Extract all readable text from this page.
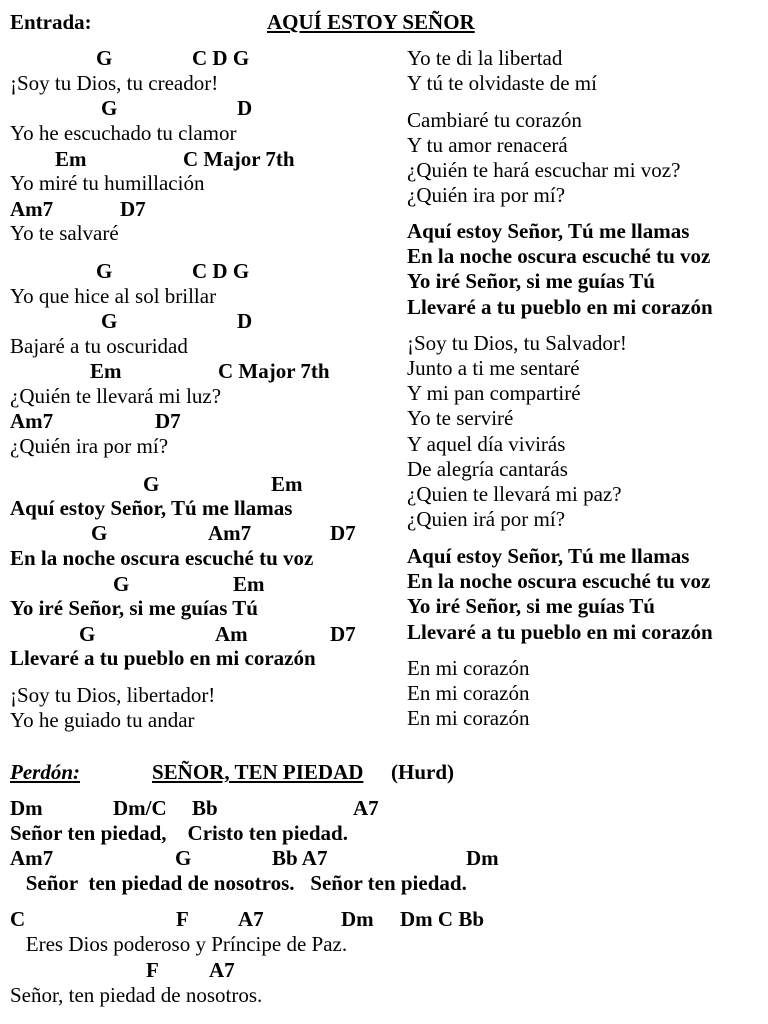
Entrada:	AQUÍ ESTOY SEÑOR
G	C D G
¡Soy tu Dios, tu creador!
G	D
Yo he escuchado tu clamor
Em	C Major 7th
Yo miré tu humillación
Am7	D7
Yo te salvaré
G	C D G
Yo que hice al sol brillar
G	D
Bajaré a tu oscuridad
Em	C Major 7th
¿Quién te llevará mi luz?
Am7	D7
¿Quién ira por mí?
G	Em
Aquí estoy Señor, Tú me llamas
G	Am7	D7
En la noche oscura escuché tu voz
G	Em
Yo iré Señor, si me guías Tú
G	Am	D7
Llevaré a tu pueblo en mi corazón
¡Soy tu Dios, libertador!
Yo he guiado tu andar
Yo te di la libertad
Y tú te olvidaste de mí
Cambiaré tu corazón
Y tu amor renacerá
¿Quién te hará escuchar mi voz?
¿Quién ira por mí?
Aquí estoy Señor, Tú me llamas
En la noche oscura escuché tu voz
Yo iré Señor, si me guías Tú
Llevaré a tu pueblo en mi corazón
¡Soy tu Dios, tu Salvador!
Junto a ti me sentaré
Y mi pan compartiré
Yo te serviré
Y aquel día vivirás
De alegría cantarás
¿Quien te llevará mi paz?
¿Quien irá por mí?
Aquí estoy Señor, Tú me llamas
En la noche oscura escuché tu voz
Yo iré Señor, si me guías Tú
Llevaré a tu pueblo en mi corazón
En mi corazón
En mi corazón
En mi corazón
Perdón:	SEÑOR, TEN PIEDAD (Hurd)
Dm	Dm/C Bb	A7
Señor ten piedad,    Cristo ten piedad.
Am7	G	Bb A7	Dm
Señor  ten piedad de nosotros.   Señor ten piedad.
C	F A7	Dm Dm C Bb
Eres Dios poderoso y Príncipe de Paz.
F A7
Señor, ten piedad de nosotros.
